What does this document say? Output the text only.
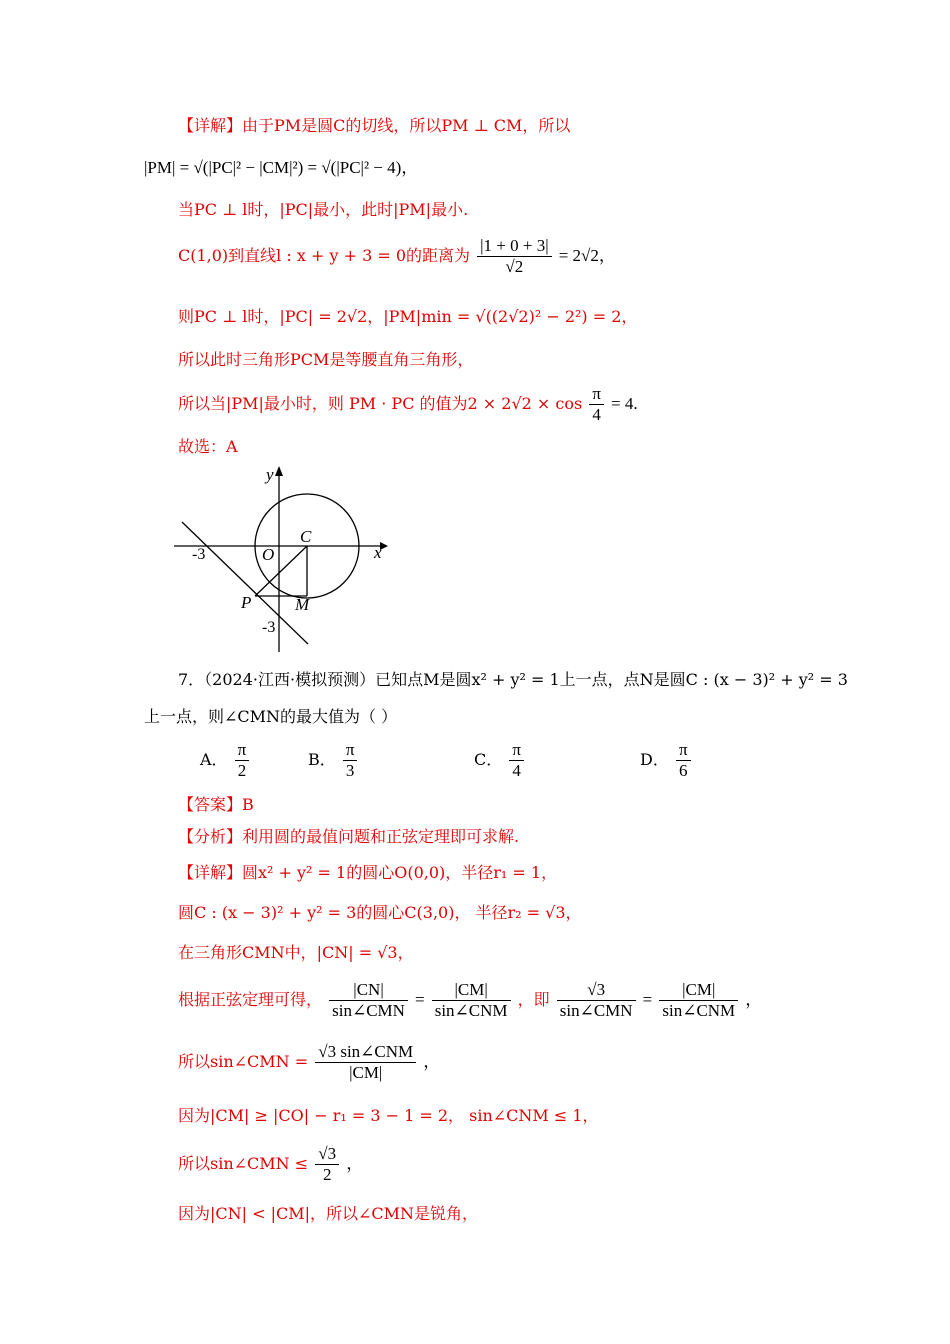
【详解】由于PM是圆C的切线，所以PM ⊥ CM，所以
|PM| = √(|PC|² − |CM|²) = √(|PC|² − 4)，
当PC ⊥ l时，|PC|最小，此时|PM|最小.
C(1,0)到直线l : x + y + 3 = 0的距离为 $\frac{|1 + 0 + 3|}{√2} = 2√2$，
则PC ⊥ l时，|PC| = 2√2，|PM|min = √((2√2)² − 2²) = 2，
所以此时三角形PCM是等腰直角三角形，
所以当|PM|最小时，则 PM · PC 的值为$2 \times 2√2 \times \cos \frac{\pi}{4} = 4$.
故选：A
y
x
O
C
P	M
-3
-3
7．（2024·江西·模拟预测）已知点M是圆x² + y² = 1上一点，点N是圆C : (x − 3)² + y² = 3
上一点，则∠CMN的最大值为（ ）
A． $\frac{\pi}{2}$	B． $\frac{\pi}{3}$	C． $\frac{\pi}{4}$	D． $\frac{\pi}{6}$
【答案】B
【分析】利用圆的最值问题和正弦定理即可求解.
【详解】圆x² + y² = 1的圆心O(0,0)，半径r₁ = 1，
圆C : (x − 3)² + y² = 3的圆心C(3,0)， 半径r₂ = √3，
在三角形CMN中，|CN| = √3，
根据正弦定理可得， $\frac{|CN|}{\text{sin∠CMN}} = \frac{|CM|}{\text{sin∠CNM}}$ ，即 $\frac{√3}{\text{sin∠CMN}} = \frac{|CM|}{\text{sin∠CNM}}$ ，
所以sin∠CMN = $\frac{\text{√3 sin∠CNM}}{|CM|}$ ，
因为|CM| ≥ |CO| − r₁ = 3 − 1 = 2， sin∠CNM ≤ 1，
所以sin∠CMN ≤ $\frac{√3}{2}$ ，
因为|CN| < |CM|，所以∠CMN是锐角，
